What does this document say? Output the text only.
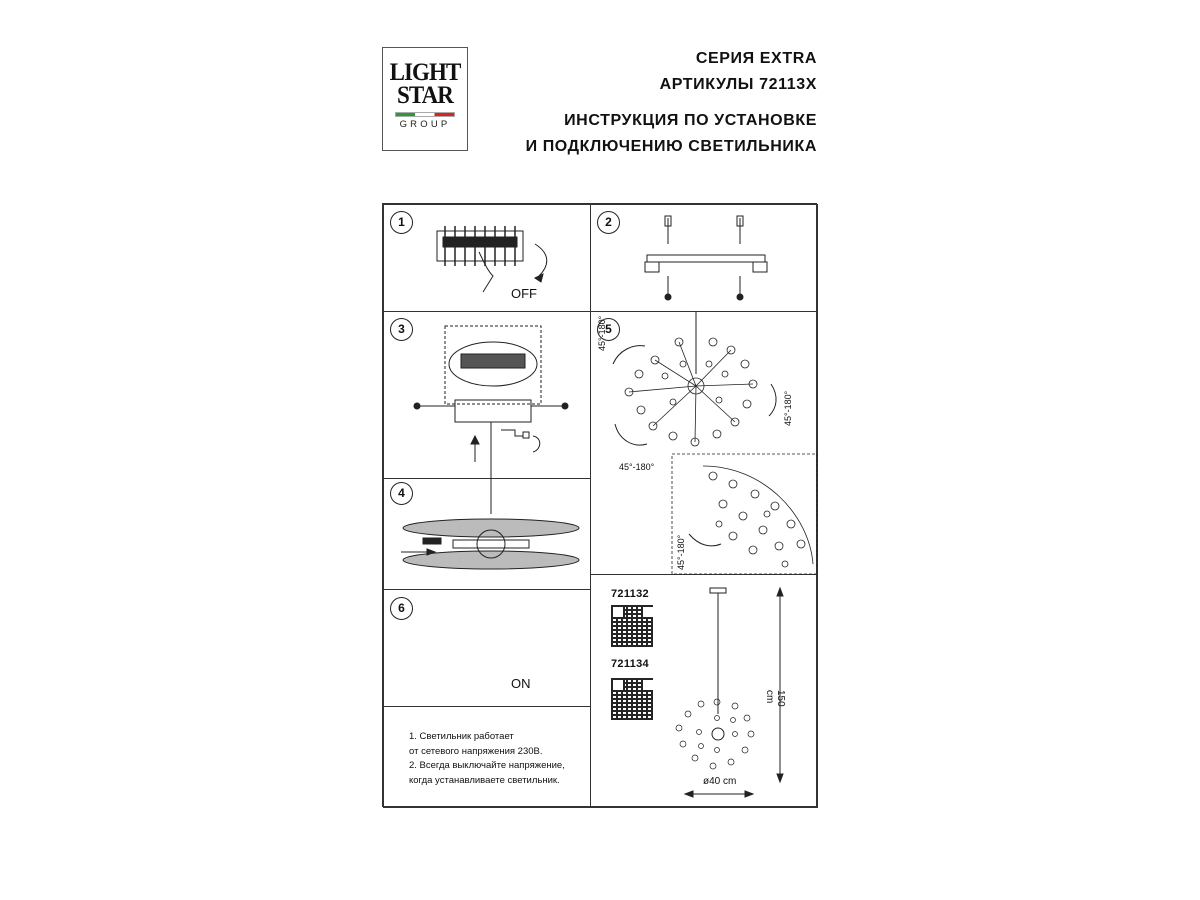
LIGHT
STAR
GROUP
СЕРИЯ EXTRA
АРТИКУЛЫ 72113X
ИНСТРУКЦИЯ ПО УСТАНОВКЕ
И ПОДКЛЮЧЕНИЮ СВЕТИЛЬНИКА
1	2
3	5
4
6
OFF
ON
45°-180°
45°-180°
45°-180°
45°-180°
1. Светильник работает
от сетевого напряжения 230В.
2. Всегда выключайте напряжение,
когда устанавливаете светильник.
721132
721134
150 cm
ø40 cm
